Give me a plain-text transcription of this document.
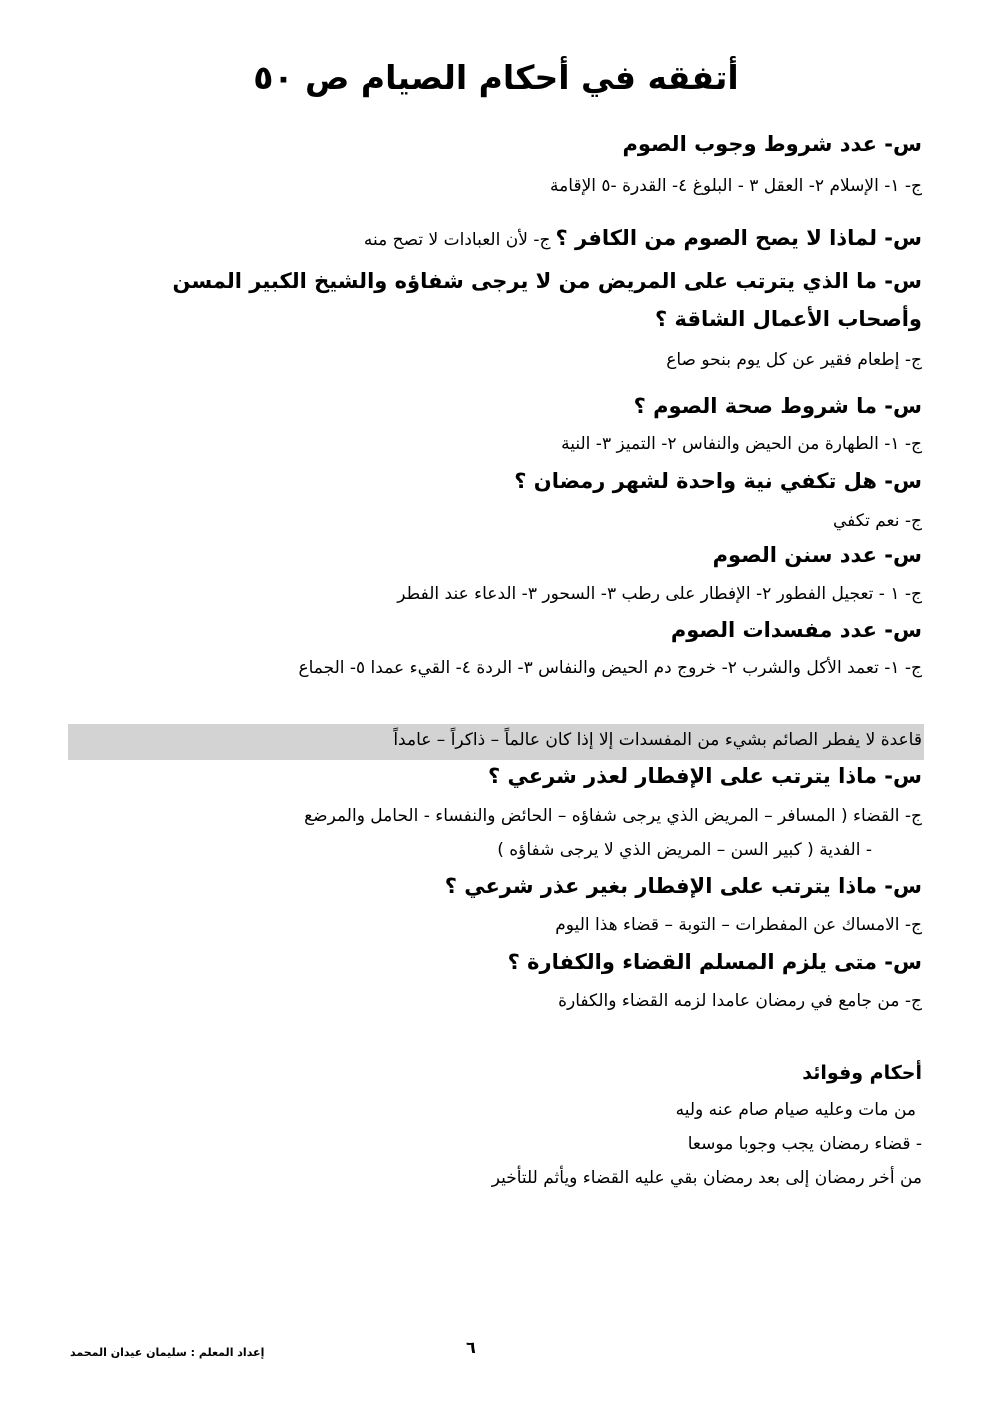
أتفقه في أحكام الصيام ص ٥٠
س- عدد شروط وجوب الصوم
ج- ١- الإسلام ٢- العقل ٣ - البلوغ ٤- القدرة -٥ الإقامة
س- لماذا لا يصح الصوم من الكافر ؟ ج- لأن العبادات لا تصح منه
س- ما الذي يترتب على المريض من لا يرجى شفاؤه والشيخ الكبير المسن وأصحاب الأعمال الشاقة ؟
ج- إطعام فقير عن كل يوم بنحو صاع
س- ما شروط صحة الصوم ؟
ج- ١- الطهارة من الحيض والنفاس ٢- التميز ٣- النية
س- هل تكفي نية واحدة لشهر رمضان ؟
ج- نعم تكفي
س- عدد سنن الصوم
ج- ١ - تعجيل الفطور ٢- الإفطار على رطب ٣- السحور ٣- الدعاء عند الفطر
س- عدد مفسدات الصوم
ج- ١- تعمد الأكل والشرب ٢- خروج دم الحيض والنفاس ٣- الردة ٤- القيء عمدا ٥- الجماع
قاعدة لا يفطر الصائم بشيء من المفسدات إلا إذا كان عالماً – ذاكراً – عامداً
س- ماذا يترتب على الإفطار لعذر شرعي ؟
ج- القضاء ( المسافر – المريض الذي يرجى شفاؤه – الحائض والنفساء - الحامل والمرضع
- الفدية ( كبير السن – المريض الذي لا يرجى شفاؤه )
س- ماذا يترتب على الإفطار بغير عذر شرعي ؟
ج- الامساك عن المفطرات – التوبة – قضاء هذا اليوم
س- متى يلزم المسلم القضاء والكفارة ؟
ج- من جامع في رمضان عامدا لزمه القضاء والكفارة
أحكام وفوائد
من مات وعليه صيام صام عنه وليه
- قضاء رمضان يجب وجوبا موسعا
من أخر رمضان إلى بعد رمضان بقي عليه القضاء ويأثم للتأخير
٦
إعداد المعلم : سليمان عيدان المحمد
